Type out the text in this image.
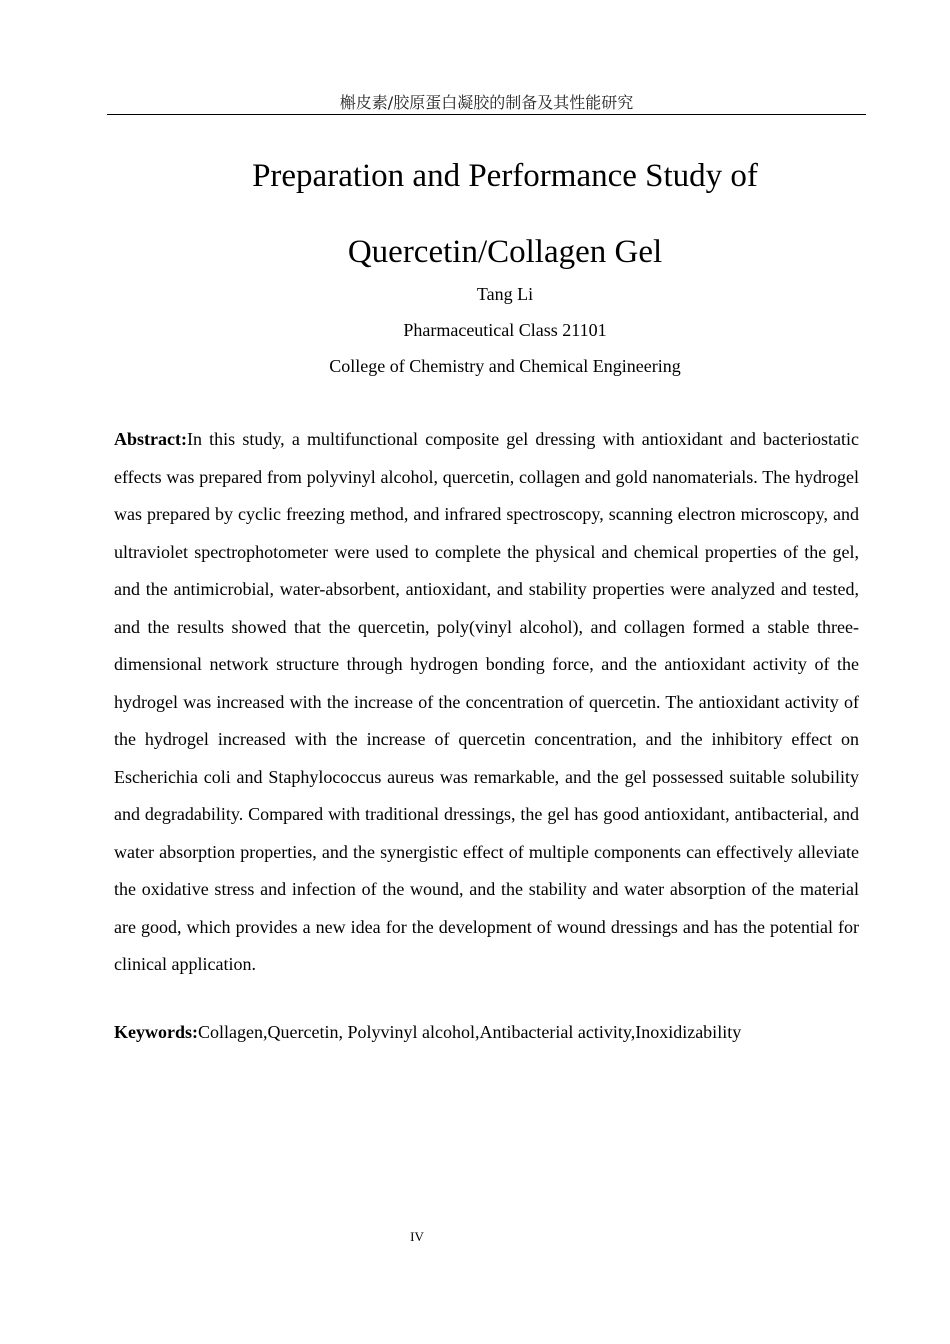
槲皮素/胶原蛋白凝胶的制备及其性能研究
Preparation and Performance Study of
Quercetin/Collagen Gel
Tang Li
Pharmaceutical Class 21101
College of Chemistry and Chemical Engineering

Abstract:In this study, a multifunctional composite gel dressing with antioxidant and bacteriostatic effects was prepared from polyvinyl alcohol, quercetin, collagen and gold nanomaterials. The hydrogel was prepared by cyclic freezing method, and infrared spectroscopy, scanning electron microscopy, and ultraviolet spectrophotometer were used to complete the physical and chemical properties of the gel, and the antimicrobial, water-absorbent, antioxidant, and stability properties were analyzed and tested, and the results showed that the quercetin, poly(vinyl alcohol), and collagen formed a stable three-dimensional network structure through hydrogen bonding force, and the antioxidant activity of the hydrogel was increased with the increase of the concentration of quercetin. The antioxidant activity of the hydrogel increased with the increase of quercetin concentration, and the inhibitory effect on Escherichia coli and Staphylococcus aureus was remarkable, and the gel possessed suitable solubility and degradability. Compared with traditional dressings, the gel has good antioxidant, antibacterial, and water absorption properties, and the synergistic effect of multiple components can effectively alleviate the oxidative stress and infection of the wound, and the stability and water absorption of the material are good, which provides a new idea for the development of wound dressings and has the potential for clinical application.

Keywords:Collagen,Quercetin, Polyvinyl alcohol,Antibacterial activity,Inoxidizability

IV
